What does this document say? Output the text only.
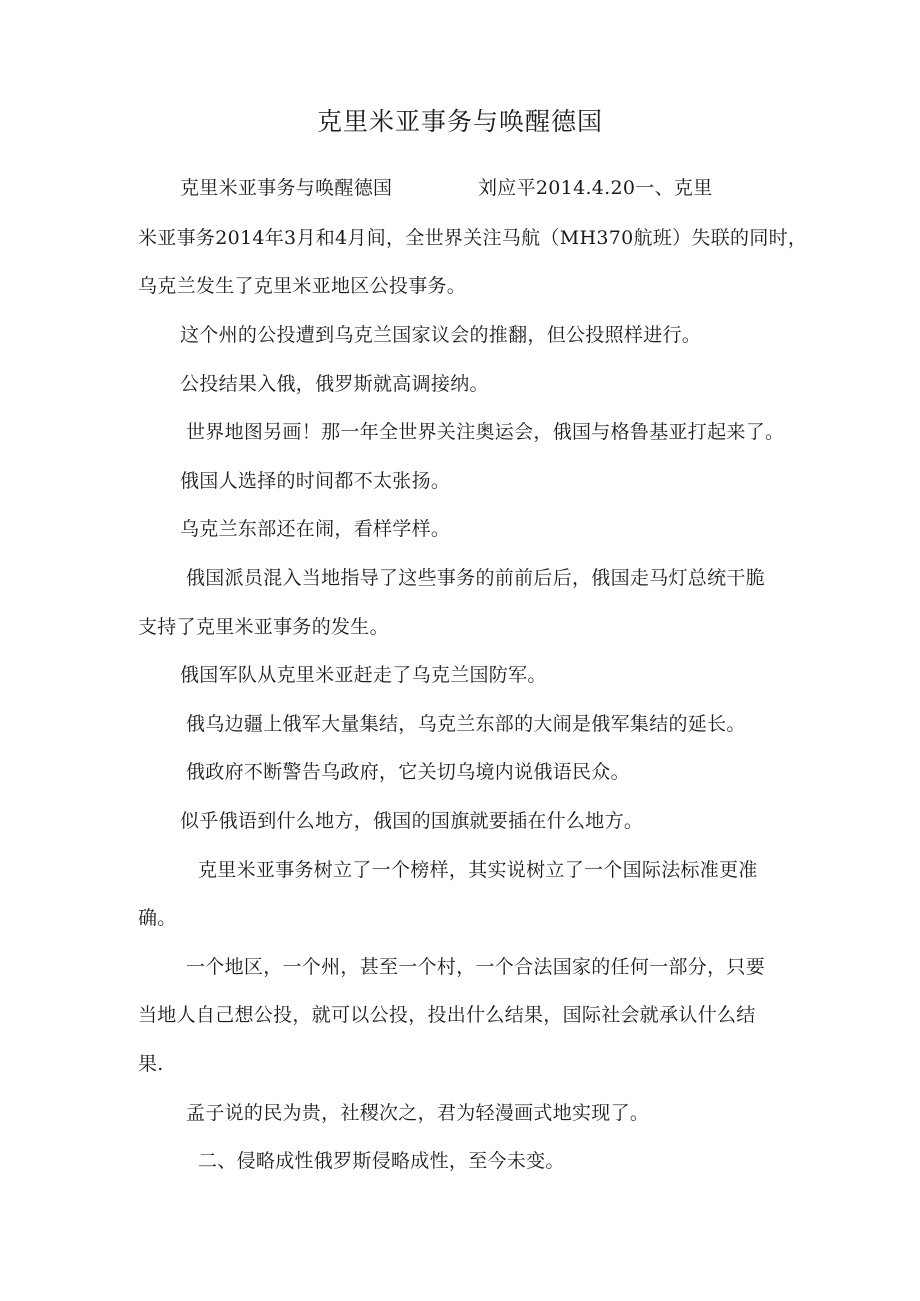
克里米亚事务与唤醒德国
克里米亚事务与唤醒德国	刘应平2014.4.20一、克里
米亚事务2014年3月和4月间，全世界关注马航（MH370航班）失联的同时，
乌克兰发生了克里米亚地区公投事务。
这个州的公投遭到乌克兰国家议会的推翻，但公投照样进行。
公投结果入俄，俄罗斯就高调接纳。
世界地图另画！那一年全世界关注奥运会，俄国与格鲁基亚打起来了。
俄国人选择的时间都不太张扬。
乌克兰东部还在闹，看样学样。
俄国派员混入当地指导了这些事务的前前后后，俄国走马灯总统干脆
支持了克里米亚事务的发生。
俄国军队从克里米亚赶走了乌克兰国防军。
俄乌边疆上俄军大量集结，乌克兰东部的大闹是俄军集结的延长。
俄政府不断警告乌政府，它关切乌境内说俄语民众。
似乎俄语到什么地方，俄国的国旗就要插在什么地方。
克里米亚事务树立了一个榜样，其实说树立了一个国际法标准更准
确。
一个地区，一个州，甚至一个村，一个合法国家的任何一部分，只要
当地人自己想公投，就可以公投，投出什么结果，国际社会就承认什么结
果.
孟子说的民为贵，社稷次之，君为轻漫画式地实现了。
二、侵略成性俄罗斯侵略成性，至今未变。
